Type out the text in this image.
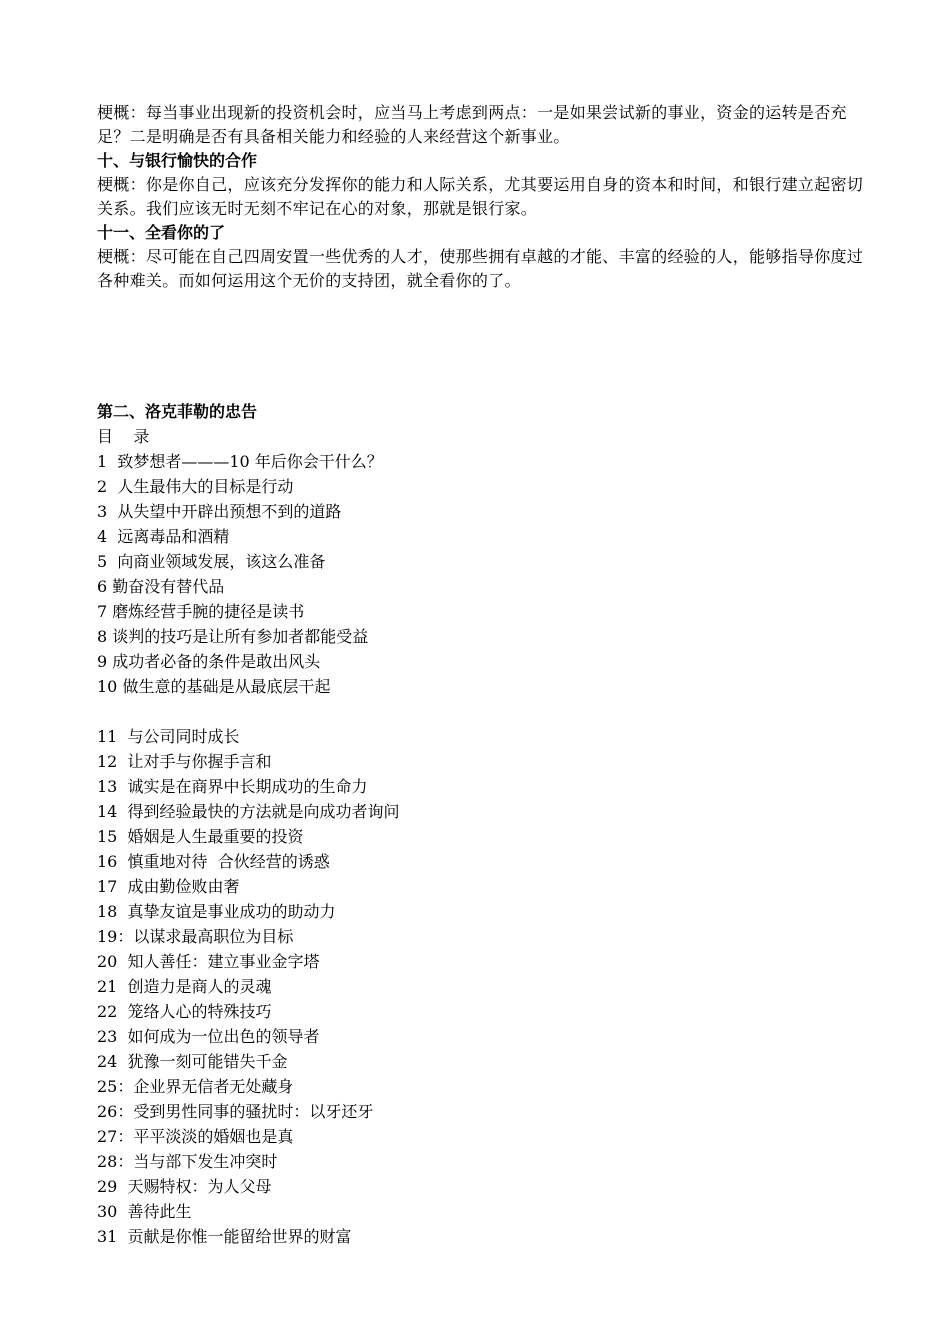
梗概：每当事业出现新的投资机会时，应当马上考虑到两点：一是如果尝试新的事业，资金的运转是否充足？二是明确是否有具备相关能力和经验的人来经营这个新事业。

十、与银行愉快的合作

梗概：你是你自己，应该充分发挥你的能力和人际关系，尤其要运用自身的资本和时间，和银行建立起密切关系。我们应该无时无刻不牢记在心的对象，那就是银行家。

十一、全看你的了

梗概：尽可能在自己四周安置一些优秀的人才，使那些拥有卓越的才能、丰富的经验的人，能够指导你度过各种难关。而如何运用这个无价的支持团，就全看你的了。

第二、洛克菲勒的忠告

目    录

1  致梦想者———10 年后你会干什么？

2  人生最伟大的目标是行动

3  从失望中开辟出预想不到的道路

4  远离毒品和酒精

5  向商业领域发展，该这么准备

6 勤奋没有替代品

7 磨炼经营手腕的捷径是读书

8 谈判的技巧是让所有参加者都能受益

9 成功者必备的条件是敢出风头

10 做生意的基础是从最底层干起

11  与公司同时成长

12  让对手与你握手言和

13  诚实是在商界中长期成功的生命力

14  得到经验最快的方法就是向成功者询问

15  婚姻是人生最重要的投资

16  慎重地对待  合伙经营的诱惑

17  成由勤俭败由奢

18  真挚友谊是事业成功的助动力

19：以谋求最高职位为目标

20  知人善任：建立事业金字塔

21  创造力是商人的灵魂

22  笼络人心的特殊技巧

23  如何成为一位出色的领导者

24  犹豫一刻可能错失千金

25：企业界无信者无处藏身

26：受到男性同事的骚扰时：以牙还牙

27：平平淡淡的婚姻也是真

28：当与部下发生冲突时

29  天赐特权：为人父母

30  善待此生

31  贡献是你惟一能留给世界的财富
